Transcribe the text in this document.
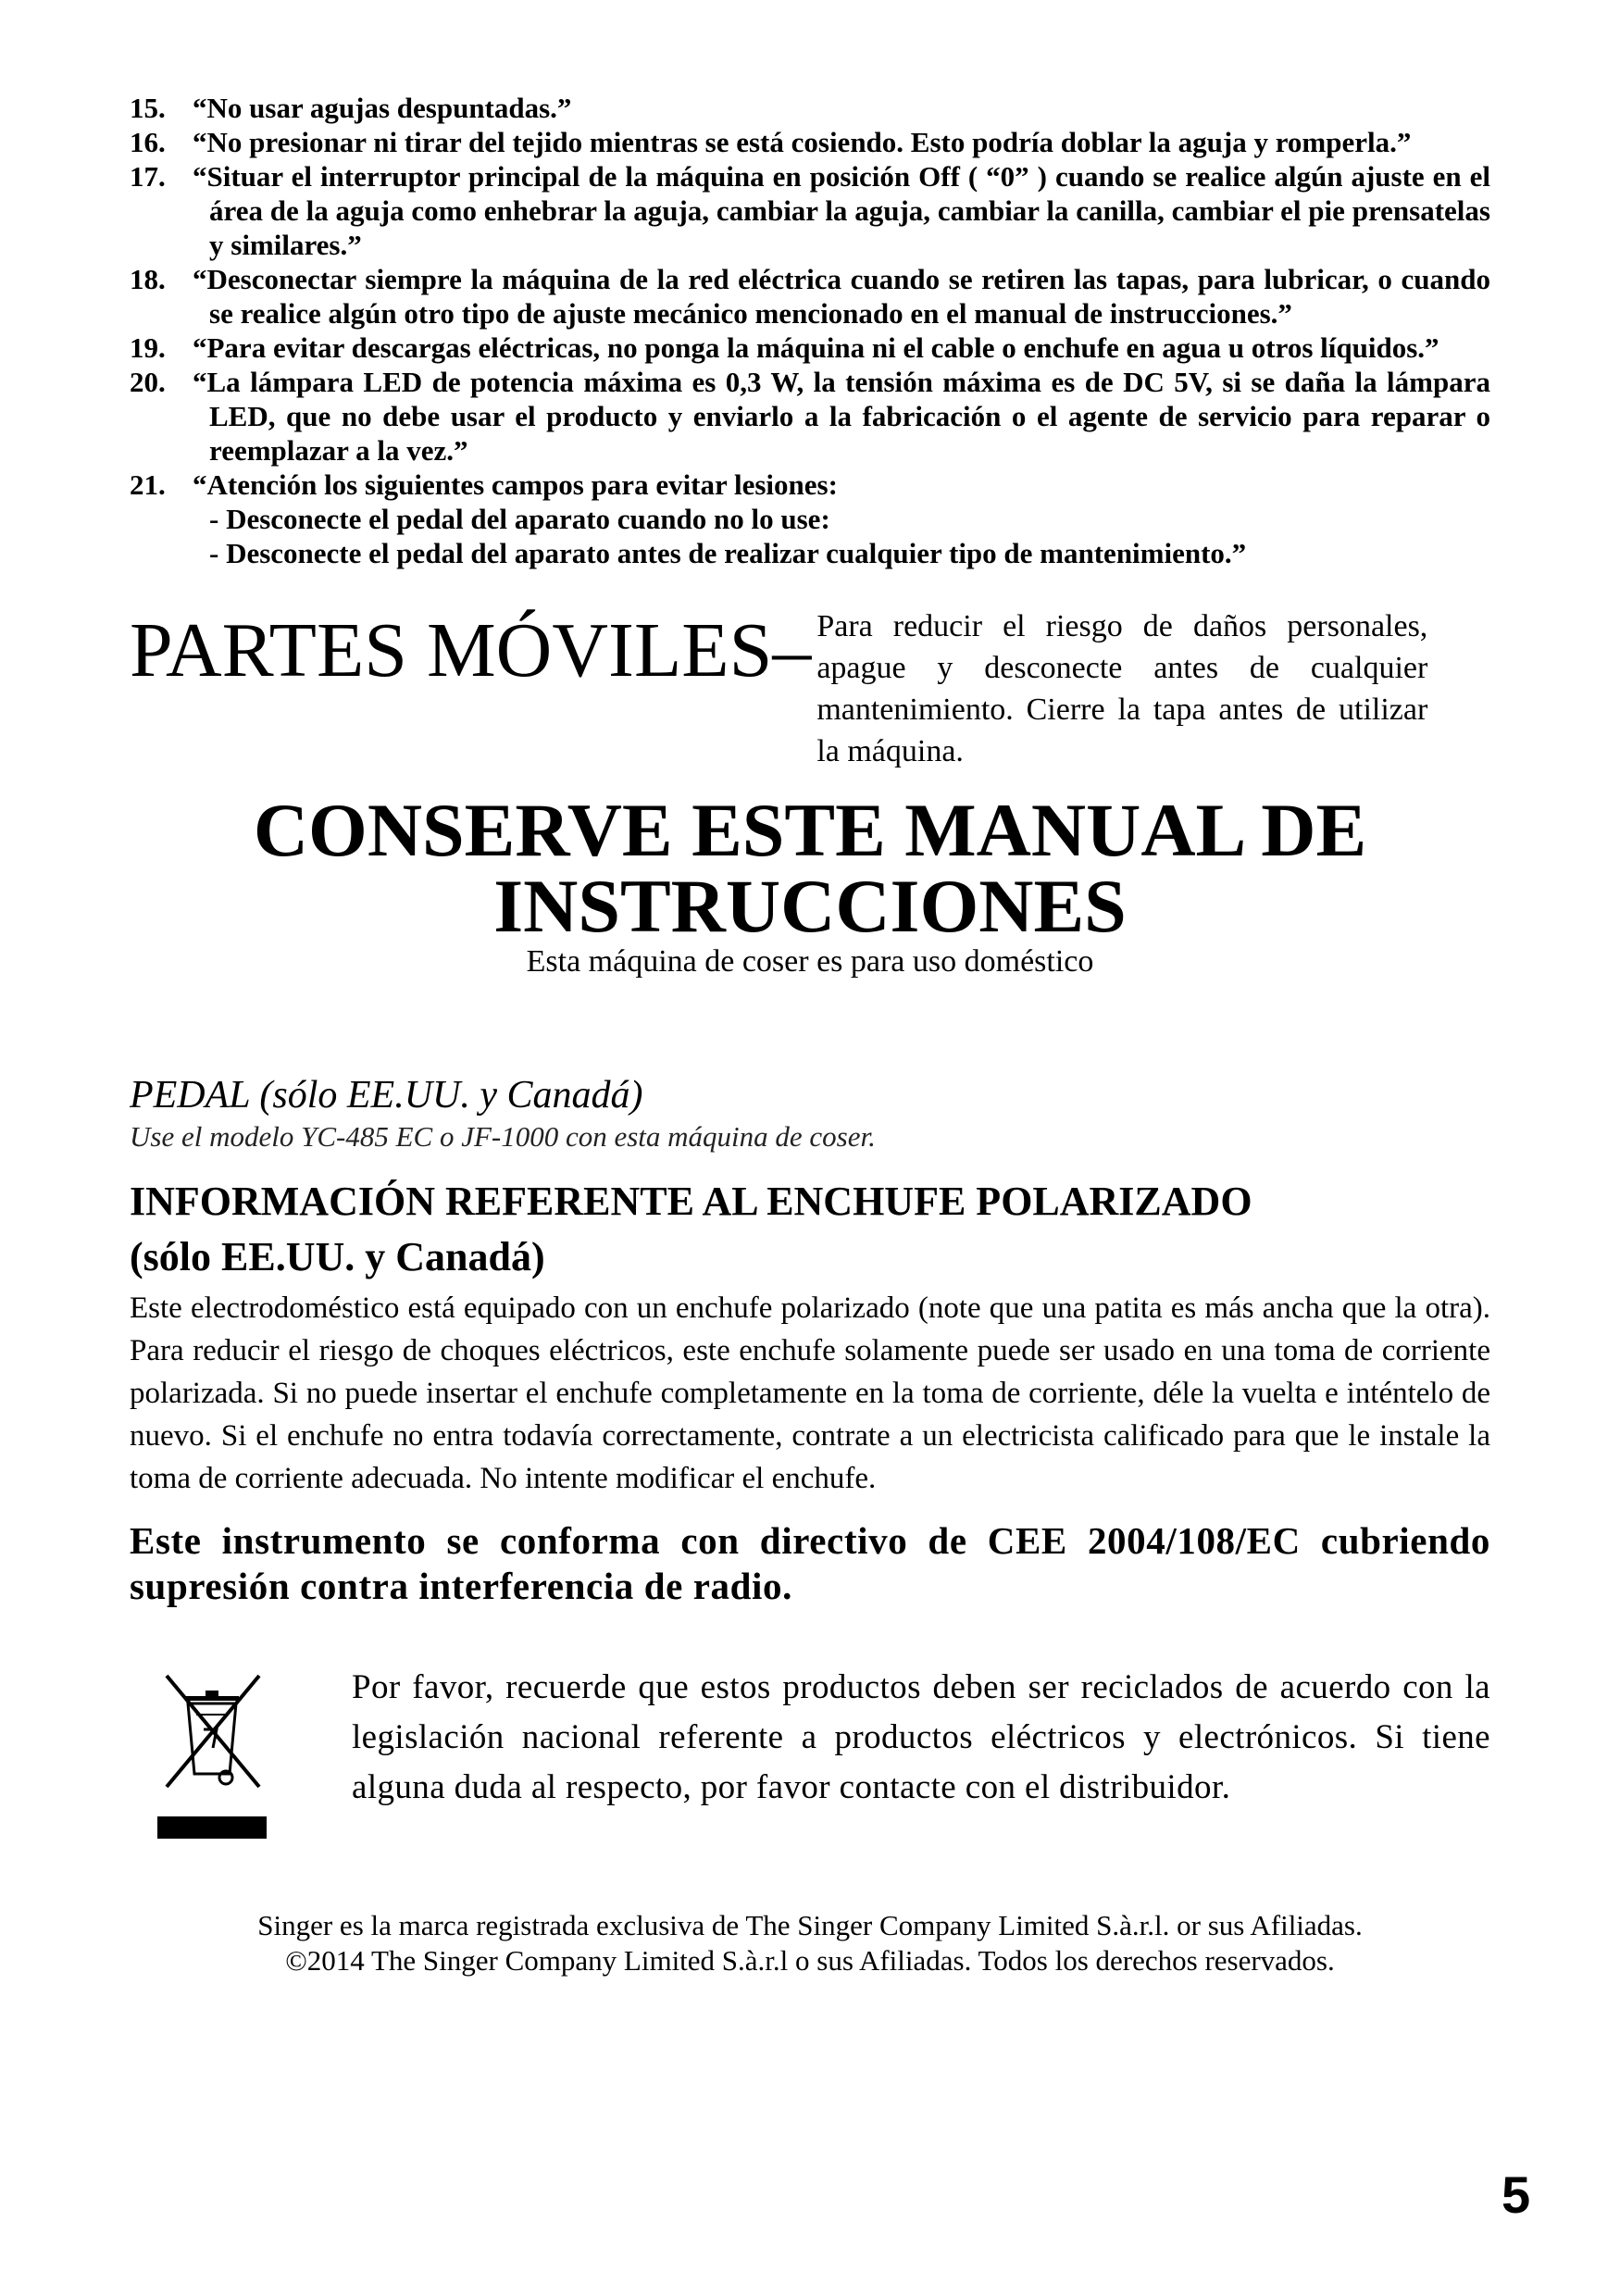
15. “No usar agujas despuntadas.”
16. “No presionar ni tirar del tejido mientras se está cosiendo. Esto podría doblar la aguja y romperla.”
17. “Situar el interruptor principal de la máquina en posición Off ( “0” ) cuando se realice algún ajuste en el área de la aguja como enhebrar la aguja, cambiar la aguja, cambiar la canilla, cambiar el pie prensatelas y similares.”
18. “Desconectar siempre la máquina de la red eléctrica cuando se retiren las tapas, para lubricar, o cuando se realice algún otro tipo de ajuste mecánico mencionado en el manual de instrucciones.”
19. “Para evitar descargas eléctricas, no ponga la máquina ni el cable o enchufe en agua u otros líquidos.”
20. “La lámpara LED de potencia máxima es 0,3 W, la tensión máxima es de DC 5V, si se daña la lámpara LED, que no debe usar el producto y enviarlo a la fabricación o el agente de servicio para reparar o reemplazar a la vez.”
21. “Atención los siguientes campos para evitar lesiones:
- Desconecte el pedal del aparato cuando no lo use:
- Desconecte el pedal del aparato antes de realizar cualquier tipo de mantenimiento.”
PARTES MÓVILES– Para reducir el riesgo de daños personales, apague y desconecte antes de cualquier mantenimiento. Cierre la tapa antes de utilizar la máquina.
CONSERVE ESTE MANUAL DE
INSTRUCCIONES
Esta máquina de coser es para uso doméstico
PEDAL (sólo EE.UU. y Canadá)
Use el modelo YC-485 EC o JF-1000 con esta máquina de coser.
INFORMACIÓN REFERENTE AL ENCHUFE POLARIZADO
(sólo EE.UU. y Canadá)
Este electrodoméstico está equipado con un enchufe polarizado (note que una patita es más ancha que la otra). Para reducir el riesgo de choques eléctricos, este enchufe solamente puede ser usado en una toma de corriente polarizada. Si no puede insertar el enchufe completamente en la toma de corriente, déle la vuelta e inténtelo de nuevo. Si el enchufe no entra todavía correctamente, contrate a un electricista calificado para que le instale la toma de corriente adecuada. No intente modificar el enchufe.
Este instrumento se conforma con directivo de CEE 2004/108/EC cubriendo supresión contra interferencia de radio.
Por favor, recuerde que estos productos deben ser reciclados de acuerdo con la legislación nacional referente a productos eléctricos y electrónicos. Si tiene alguna duda al respecto, por favor contacte con el distribuidor.
Singer es la marca registrada exclusiva de The Singer Company Limited S.à.r.l. or sus Afiliadas.
©2014 The Singer Company Limited S.à.r.l o sus Afiliadas. Todos los derechos reservados.
5
